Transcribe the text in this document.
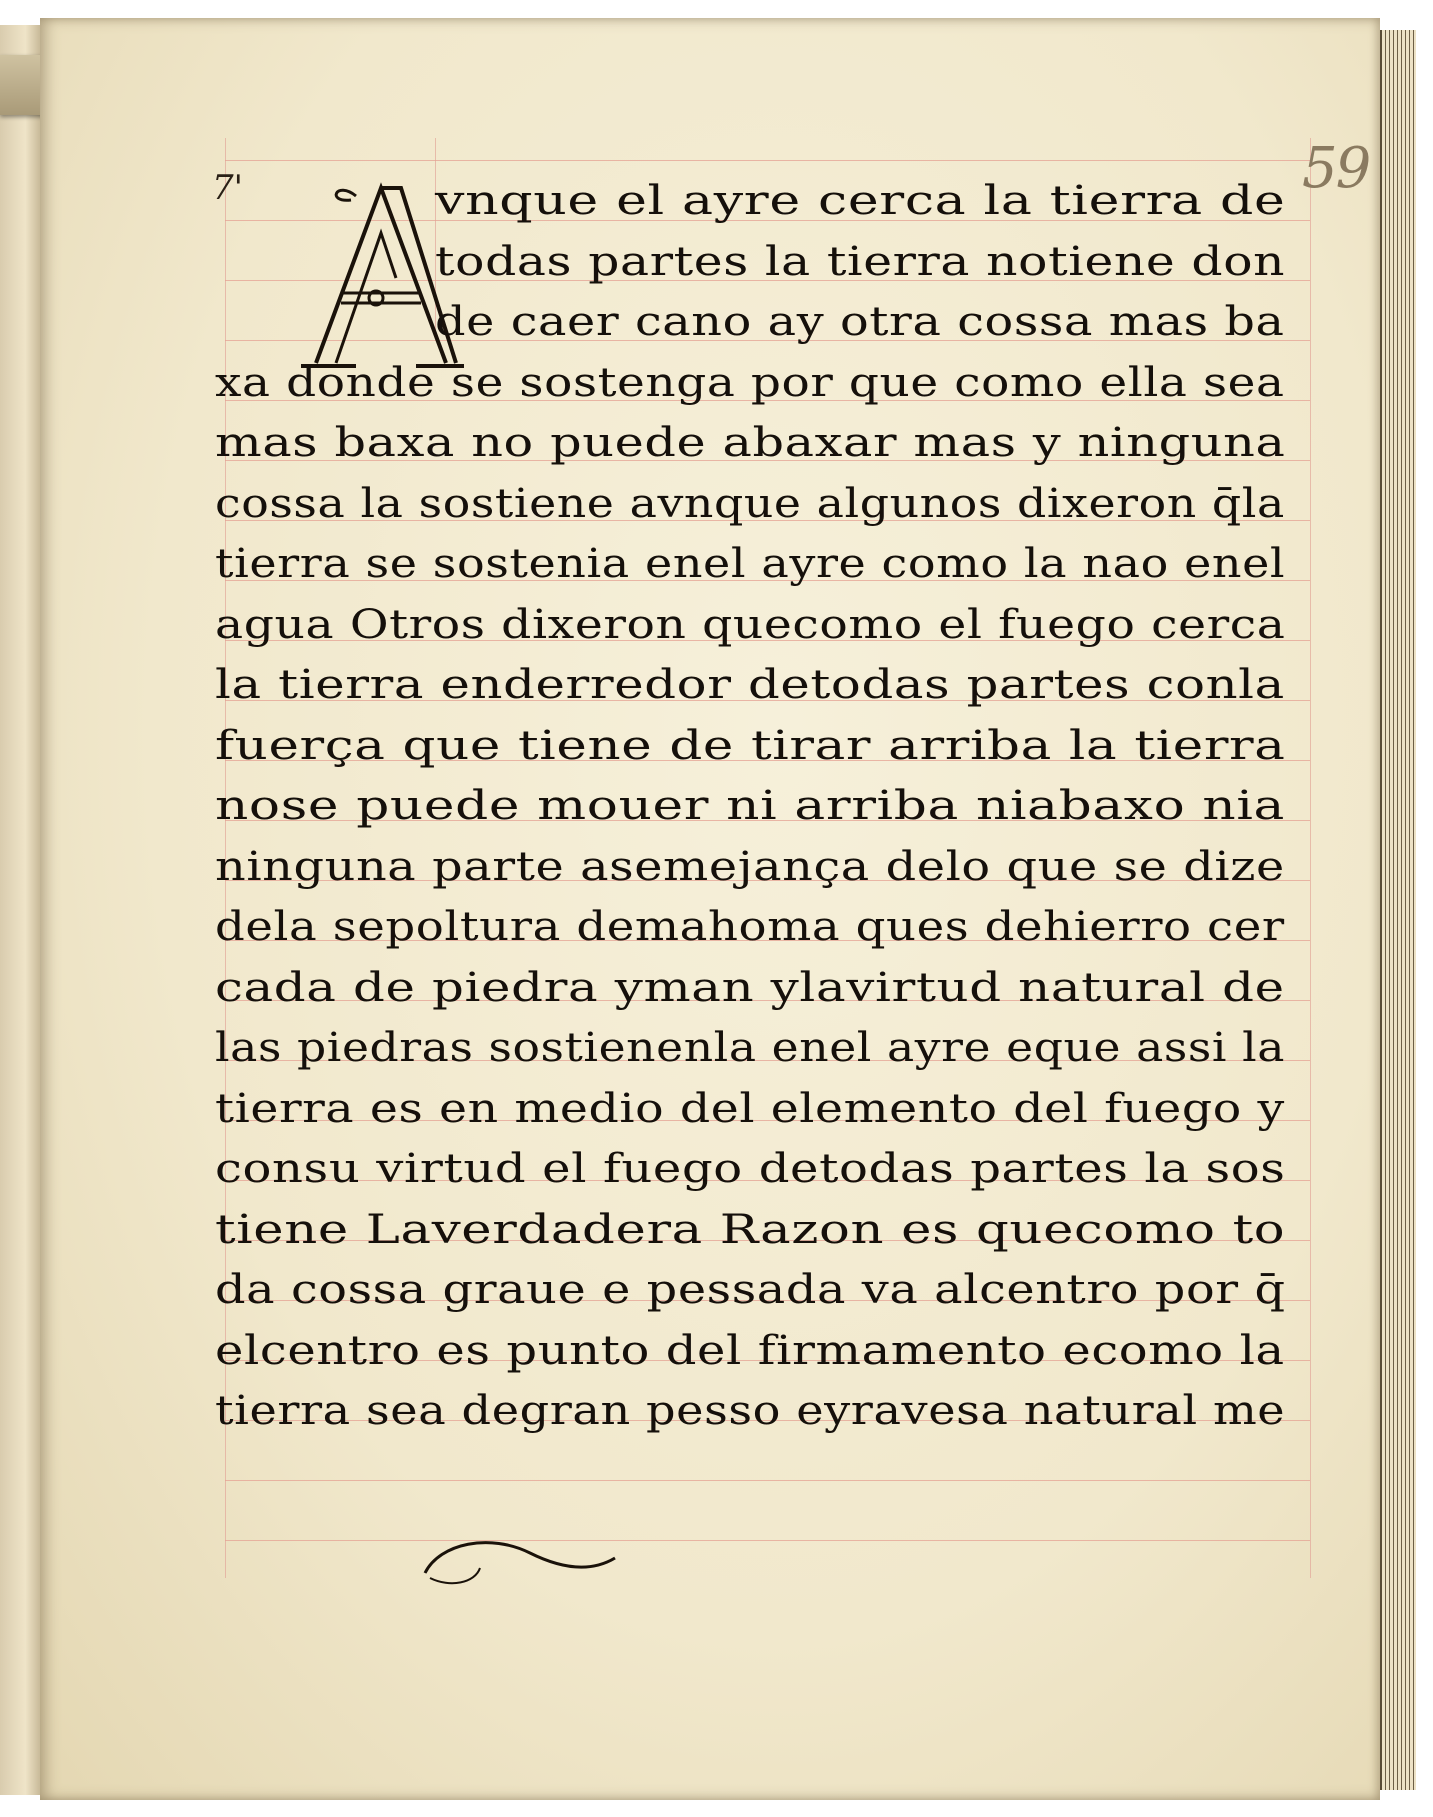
7'	59
vnque el ayre cerca la tierra de
todas partes la tierra notiene don
de caer cano ay otra cossa mas ba
xa donde se sostenga por que como ella sea
mas baxa no puede abaxar mas y ninguna
cossa la sostiene avnque algunos dixeron q̄la
tierra se sostenia enel ayre como la nao enel
agua Otros dixeron quecomo el fuego cerca
la tierra enderredor detodas partes conla
fuerça que tiene de tirar arriba la tierra
nose puede mouer ni arriba niabaxo nia
ninguna parte asemejança delo que se dize
dela sepoltura demahoma ques dehierro cer
cada de piedra yman ylavirtud natural de
las piedras sostienenla enel ayre eque assi la
tierra es en medio del elemento del fuego y
consu virtud el fuego detodas partes la sos
tiene Laverdadera Razon es quecomo to
da cossa graue e pessada va alcentro por q̄
elcentro es punto del firmamento ecomo la
tierra sea degran pesso eyravesa natural me
